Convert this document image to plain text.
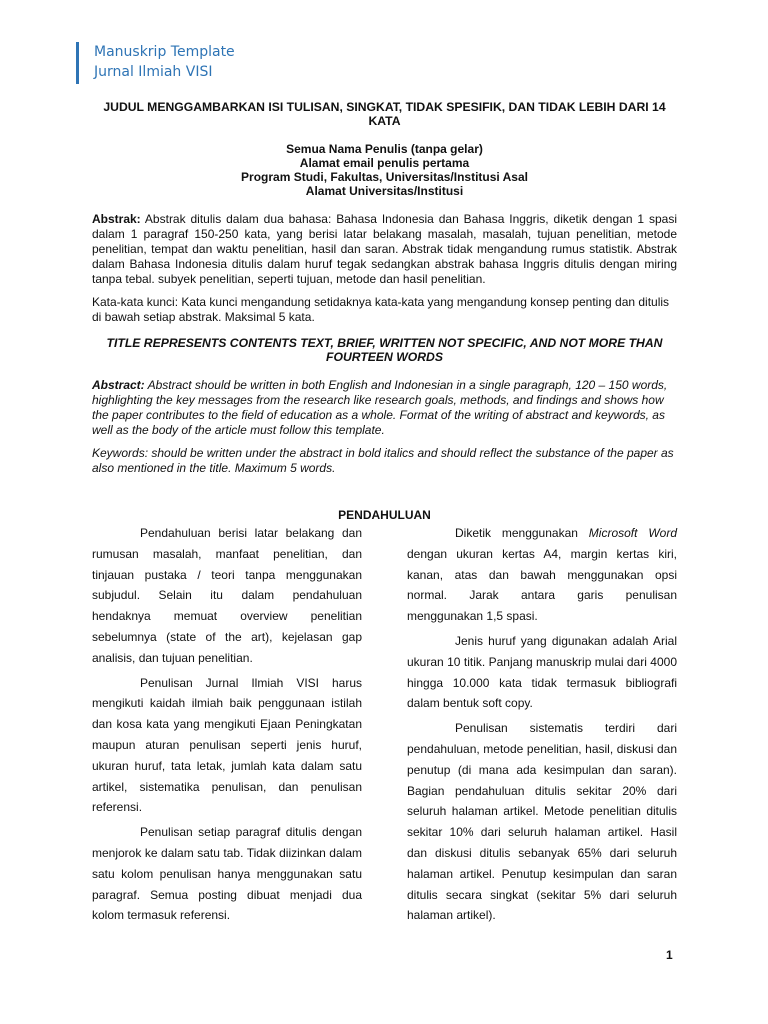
Manuskrip Template
Jurnal Ilmiah VISI

JUDUL MENGGAMBARKAN ISI TULISAN, SINGKAT, TIDAK SPESIFIK, DAN TIDAK LEBIH DARI 14 KATA

Semua Nama Penulis (tanpa gelar)
Alamat email penulis pertama
Program Studi, Fakultas, Universitas/Institusi Asal
Alamat Universitas/Institusi
Abstrak: Abstrak ditulis dalam dua bahasa: Bahasa Indonesia dan Bahasa Inggris, diketik dengan 1 spasi dalam 1 paragraf 150-250 kata, yang berisi latar belakang masalah, masalah, tujuan penelitian, metode penelitian, tempat dan waktu penelitian, hasil dan saran. Abstrak tidak mengandung rumus statistik. Abstrak dalam Bahasa Indonesia ditulis dalam huruf tegak sedangkan abstrak bahasa Inggris ditulis dengan miring tanpa tebal. subyek penelitian, seperti tujuan, metode dan hasil penelitian.
Kata-kata kunci: Kata kunci mengandung setidaknya kata-kata yang mengandung konsep penting dan ditulis di bawah setiap abstrak. Maksimal 5 kata.
TITLE REPRESENTS CONTENTS TEXT, BRIEF, WRITTEN NOT SPECIFIC, AND NOT MORE THAN FOURTEEN WORDS
Abstract: Abstract should be written in both English and Indonesian in a single paragraph, 120 – 150 words, highlighting the key messages from the research like research goals, methods, and findings and shows how the paper contributes to the field of education as a whole. Format of the writing of abstract and keywords, as well as the body of the article must follow this template.
Keywords: should be written under the abstract in bold italics and should reflect the substance of the paper as also mentioned in the title. Maximum 5 words.
PENDAHULUAN

Pendahuluan berisi latar belakang dan rumusan masalah, manfaat penelitian, dan tinjauan pustaka / teori tanpa menggunakan subjudul. Selain itu dalam pendahuluan hendaknya memuat overview penelitian sebelumnya (state of the art), kejelasan gap analisis, dan tujuan penelitian.

Penulisan Jurnal Ilmiah VISI harus mengikuti kaidah ilmiah baik penggunaan istilah dan kosa kata yang mengikuti Ejaan Peningkatan maupun aturan penulisan seperti jenis huruf, ukuran huruf, tata letak, jumlah kata dalam satu artikel, sistematika penulisan, dan penulisan referensi.

Penulisan setiap paragraf ditulis dengan menjorok ke dalam satu tab. Tidak diizinkan dalam satu kolom penulisan hanya menggunakan satu paragraf. Semua posting dibuat menjadi dua kolom termasuk referensi.

Diketik menggunakan Microsoft Word dengan ukuran kertas A4, margin kertas kiri, kanan, atas dan bawah menggunakan opsi normal. Jarak antara garis penulisan menggunakan 1,5 spasi.

Jenis huruf yang digunakan adalah Arial ukuran 10 titik. Panjang manuskrip mulai dari 4000 hingga 10.000 kata tidak termasuk bibliografi dalam bentuk soft copy.

Penulisan sistematis terdiri dari pendahuluan, metode penelitian, hasil, diskusi dan penutup (di mana ada kesimpulan dan saran). Bagian pendahuluan ditulis sekitar 20% dari seluruh halaman artikel. Metode penelitian ditulis sekitar 10% dari seluruh halaman artikel. Hasil dan diskusi ditulis sebanyak 65% dari seluruh halaman artikel. Penutup kesimpulan dan saran ditulis secara singkat (sekitar 5% dari seluruh halaman artikel).

1
